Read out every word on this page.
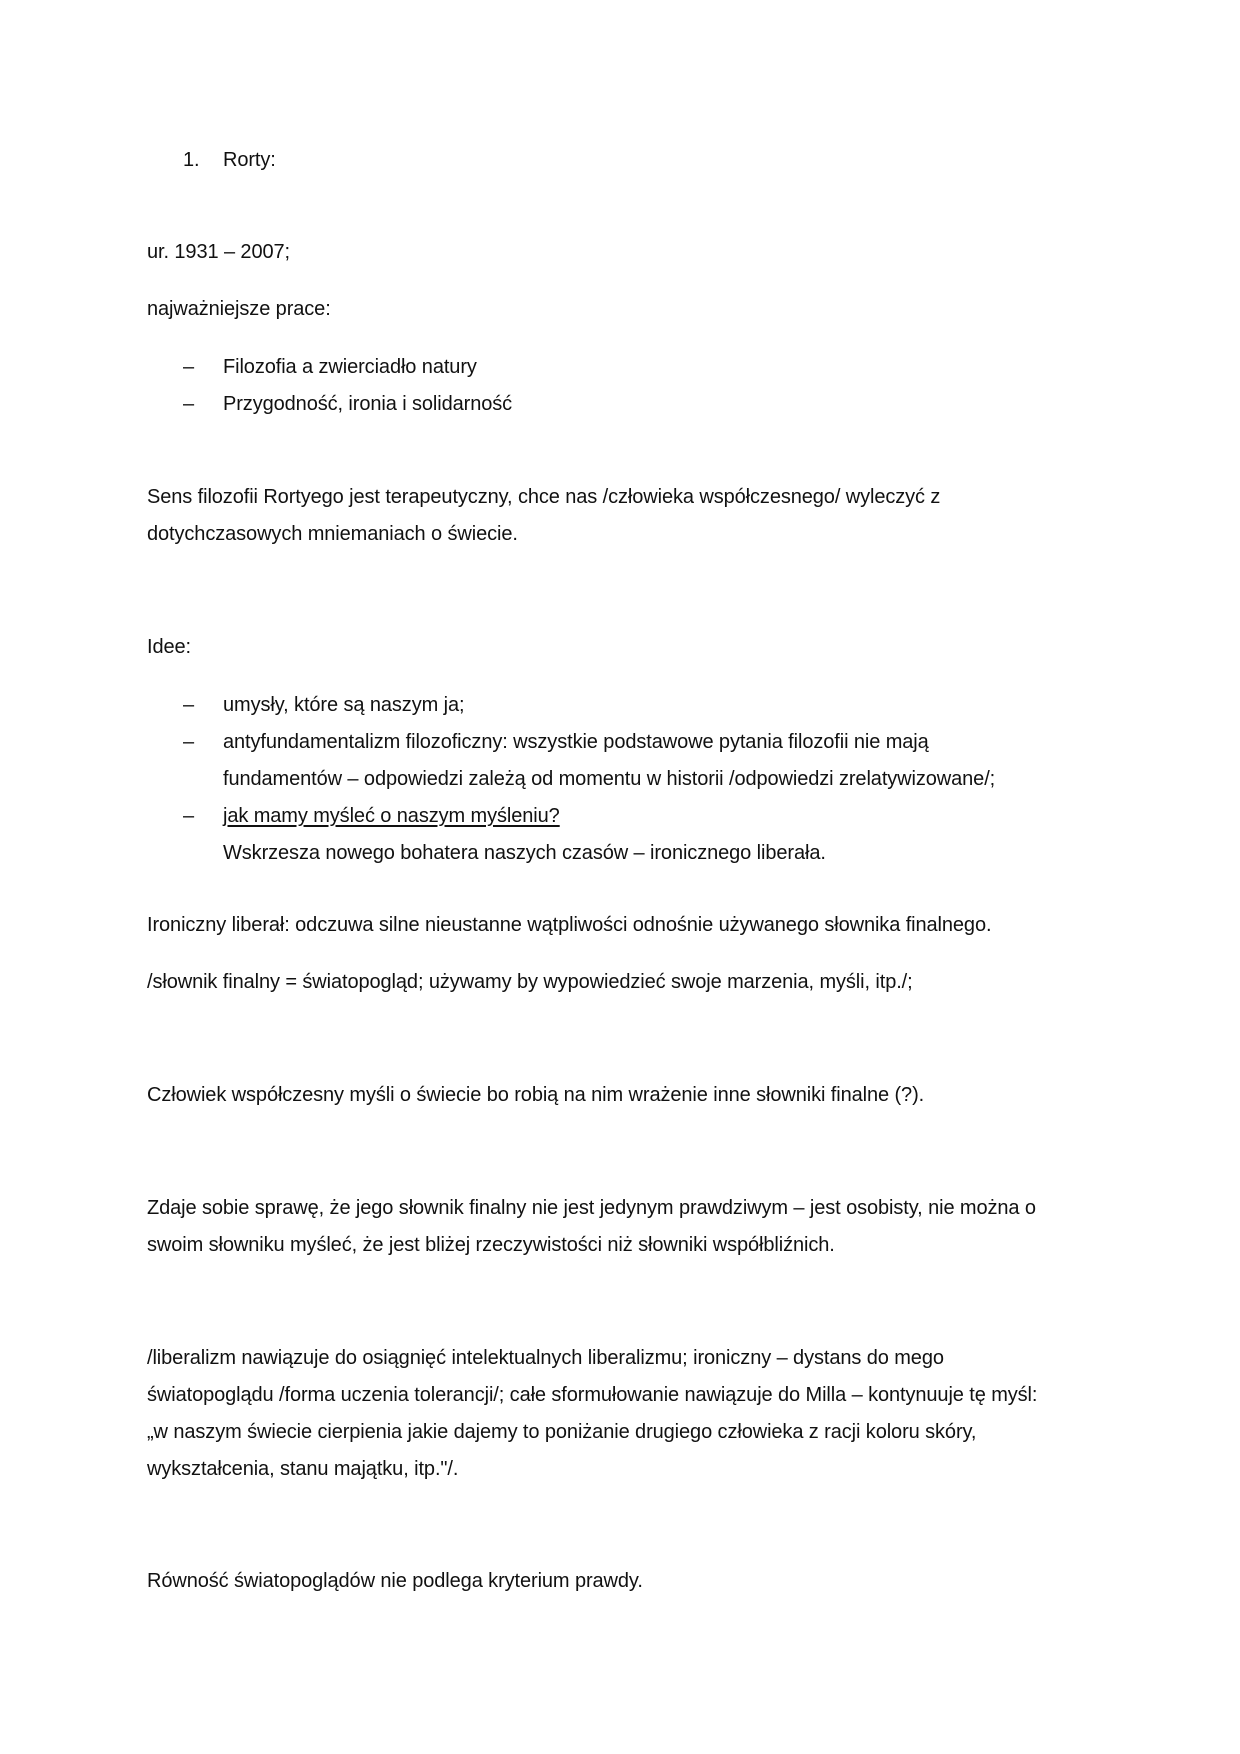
1. Rorty:
ur. 1931 – 2007;
najważniejsze prace:
– Filozofia a zwierciadło natury
– Przygodność, ironia i solidarność
Sens filozofii Rortyego jest terapeutyczny, chce nas /człowieka współczesnego/ wyleczyć z
dotychczasowych mniemaniach o świecie.
Idee:
– umysły, które są naszym ja;
– antyfundamentalizm filozoficzny: wszystkie podstawowe pytania filozofii nie mają
fundamentów – odpowiedzi zależą od momentu w historii /odpowiedzi zrelatywizowane/;
– jak mamy myśleć o naszym myśleniu?
Wskrzesza nowego bohatera naszych czasów – ironicznego liberała.
Ironiczny liberał: odczuwa silne nieustanne wątpliwości odnośnie używanego słownika finalnego.
/słownik finalny = światopogląd; używamy by wypowiedzieć swoje marzenia, myśli, itp./;
Człowiek współczesny myśli o świecie bo robią na nim wrażenie inne słowniki finalne (?).
Zdaje sobie sprawę, że jego słownik finalny nie jest jedynym prawdziwym – jest osobisty, nie można o
swoim słowniku myśleć, że jest bliżej rzeczywistości niż słowniki współbliźnich.
/liberalizm nawiązuje do osiągnięć intelektualnych liberalizmu; ironiczny – dystans do mego
światopoglądu /forma uczenia tolerancji/; całe sformułowanie nawiązuje do Milla – kontynuuje tę myśl:
„w naszym świecie cierpienia jakie dajemy to poniżanie drugiego człowieka z racji koloru skóry,
wykształcenia, stanu majątku, itp."/.
Równość światopoglądów nie podlega kryterium prawdy.
